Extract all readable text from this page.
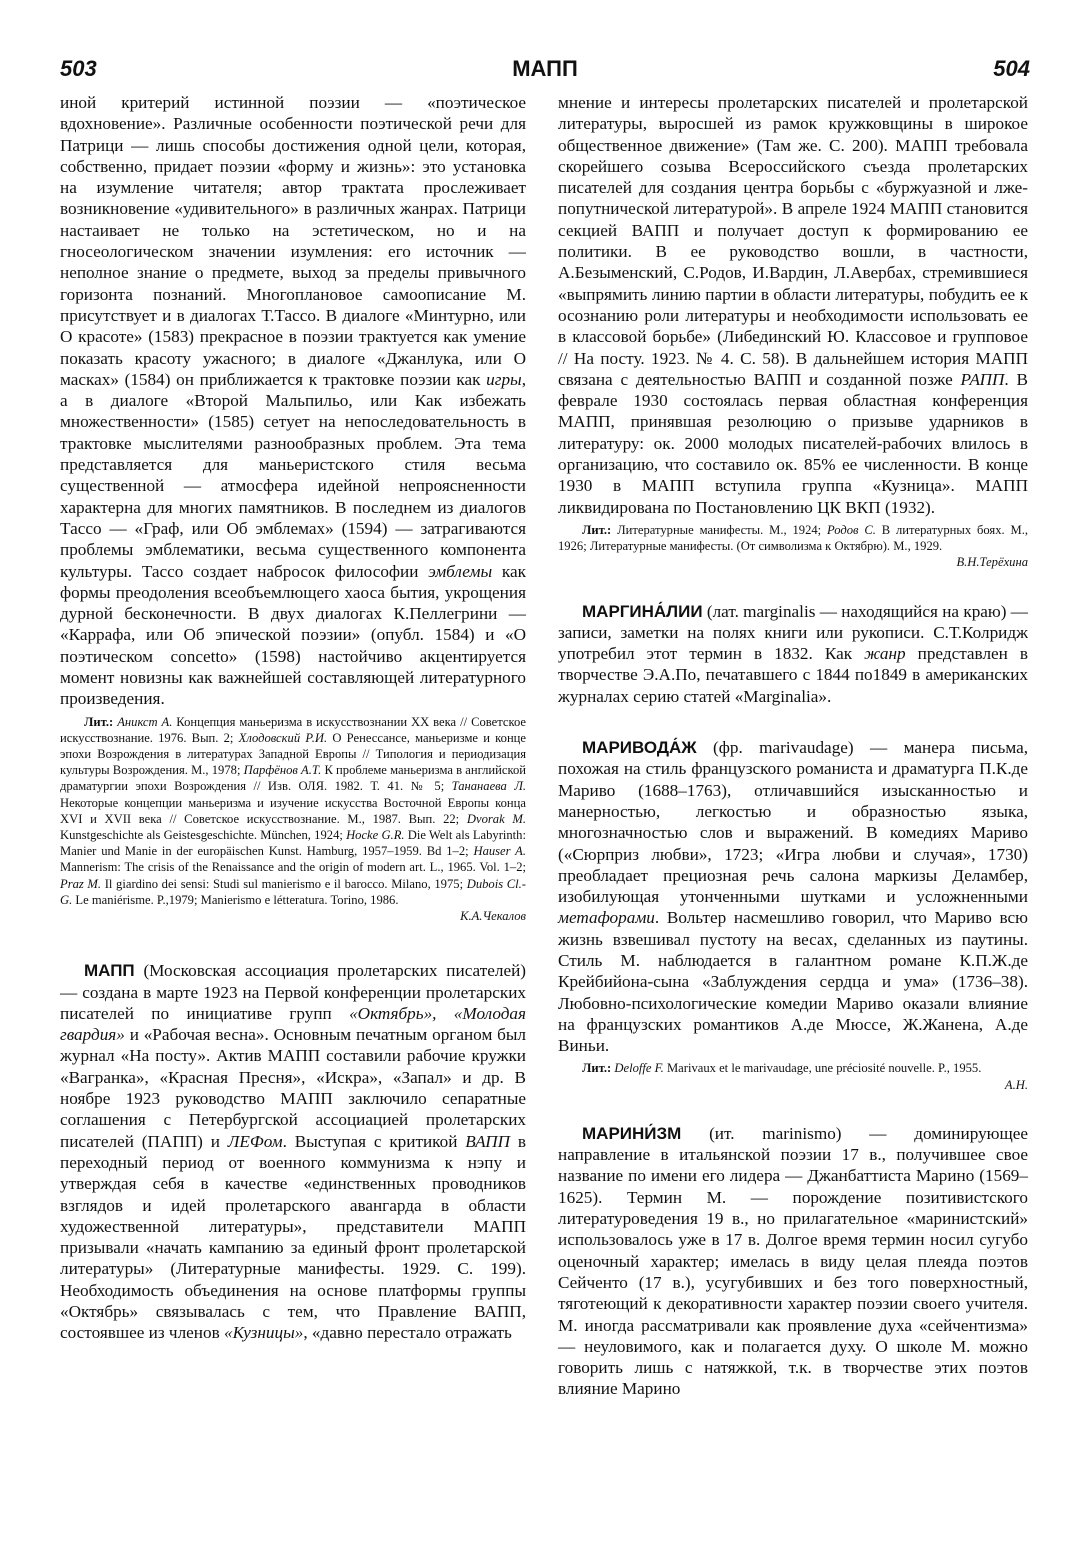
503	МАПП	504

иной критерий истинной поэзии — «поэтическое вдохновение». Различные особенности поэтической речи для Патрици — лишь способы достижения одной цели, которая, собственно, придает поэзии «форму и жизнь»: это установка на изумление читателя; автор трактата прослеживает возникновение «удивительного» в различных жанрах. Патрици настаивает не только на эстетическом, но и на гносеологическом значении изумления: его источник — неполное знание о предмете, выход за пределы привычного горизонта познаний. Многоплановое самоописание М. присутствует и в диалогах Т.Тассо. В диалоге «Минтурно, или О красоте» (1583) прекрасное в поэзии трактуется как умение показать красоту ужасного; в диалоге «Джанлука, или О масках» (1584) он приближается к трактовке поэзии как игры, а в диалоге «Второй Мальпильо, или Как избежать множественности» (1585) сетует на непоследовательность в трактовке мыслителями разнообразных проблем. Эта тема представляется для маньеристского стиля весьма существенной — атмосфера идейной непроясненности характерна для многих памятников. В последнем из диалогов Тассо — «Граф, или Об эмблемах» (1594) — затрагиваются проблемы эмблематики, весьма существенного компонента культуры. Тассо создает набросок философии эмблемы как формы преодоления всеобъемлющего хаоса бытия, укрощения дурной бесконечности. В двух диалогах К.Пеллегрини — «Каррафа, или Об эпической поэзии» (опубл. 1584) и «О поэтическом concetto» (1598) настойчиво акцентируется момент новизны как важнейшей составляющей литературного произведения.

Лит.: Аникст А. Концепция маньеризма в искусствознании XX века // Советское искусствознание. 1976. Вып. 2; Хлодовский Р.И. О Ренессансе, маньеризме и конце эпохи Возрождения в литературах Западной Европы // Типология и периодизация культуры Возрождения. М., 1978; Парфёнов А.Т. К проблеме маньеризма в английской драматургии эпохи Возрождения // Изв. ОЛЯ. 1982. Т. 41. № 5; Тананаева Л. Некоторые концепции маньеризма и изучение искусства Восточной Европы конца XVI и XVII века // Советское искусствознание. М., 1987. Вып. 22; Dvorak M. Kunstgeschichte als Geistesgeschichte. München, 1924; Hocke G.R. Die Welt als Labyrinth: Manier und Manie in der europäischen Kunst. Hamburg, 1957–1959. Bd 1–2; Hauser A. Mannerism: The crisis of the Renaissance and the origin of modern art. L., 1965. Vol. 1–2; Praz M. Il giardino dei sensi: Studi sul manierismo e il barocco. Milano, 1975; Dubois Cl.-G. Le maniérisme. P.,1979; Manierismo e létteratura. Torino, 1986.
К.А.Чекалов

МАПП (Московская ассоциация пролетарских писателей) — создана в марте 1923 на Первой конференции пролетарских писателей по инициативе групп «Октябрь», «Молодая гвардия» и «Рабочая весна». Основным печатным органом был журнал «На посту». Актив МАПП составили рабочие кружки «Вагранка», «Красная Пресня», «Искра», «Запал» и др. В ноябре 1923 руководство МАПП заключило сепаратные соглашения с Петербургской ассоциацией пролетарских писателей (ПАПП) и ЛЕФом. Выступая с критикой ВАПП в переходный период от военного коммунизма к нэпу и утверждая себя в качестве «единственных проводников взглядов и идей пролетарского авангарда в области художественной литературы», представители МАПП призывали «начать кампанию за единый фронт пролетарской литературы» (Литературные манифесты. 1929. С. 199). Необходимость объединения на основе платформы группы «Октябрь» связывалась с тем, что Правление ВАПП, состоявшее из членов «Кузницы», «давно перестало отражать

мнение и интересы пролетарских писателей и пролетарской литературы, выросшей из рамок кружковщины в широкое общественное движение» (Там же. С. 200). МАПП требовала скорейшего созыва Всероссийского съезда пролетарских писателей для создания центра борьбы с «буржуазной и лже-попутнической литературой». В апреле 1924 МАПП становится секцией ВАПП и получает доступ к формированию ее политики. В ее руководство вошли, в частности, А.Безыменский, С.Родов, И.Вардин, Л.Авербах, стремившиеся «выпрямить линию партии в области литературы, побудить ее к осознанию роли литературы и необходимости использовать ее в классовой борьбе» (Либединский Ю. Классовое и групповое // На посту. 1923. № 4. С. 58). В дальнейшем история МАПП связана с деятельностью ВАПП и созданной позже РАПП. В феврале 1930 состоялась первая областная конференция МАПП, принявшая резолюцию о призыве ударников в литературу: ок. 2000 молодых писателей-рабочих влилось в организацию, что составило ок. 85% ее численности. В конце 1930 в МАПП вступила группа «Кузница». МАПП ликвидирована по Постановлению ЦК ВКП (1932).

Лит.: Литературные манифесты. М., 1924; Родов С. В литературных боях. М., 1926; Литературные манифесты. (От символизма к Октябрю). М., 1929.
В.Н.Терёхина

МАРГИНА́ЛИИ (лат. marginalis — находящийся на краю) — записи, заметки на полях книги или рукописи. С.Т.Колридж употребил этот термин в 1832. Как жанр представлен в творчестве Э.А.По, печатавшего с 1844 по1849 в американских журналах серию статей «Marginalia».

МАРИВОДА́Ж (фр. marivaudage) — манера письма, похожая на стиль французского романиста и драматурга П.К.де Мариво (1688–1763), отличавшийся изысканностью и манерностью, легкостью и образностью языка, многозначностью слов и выражений. В комедиях Мариво («Сюрприз любви», 1723; «Игра любви и случая», 1730) преобладает прециозная речь салона маркизы Деламбер, изобилующая утонченными шутками и усложненными метафорами. Вольтер насмешливо говорил, что Мариво всю жизнь взвешивал пустоту на весах, сделанных из паутины. Стиль М. наблюдается в галантном романе К.П.Ж.де Крейбийона-сына «Заблуждения сердца и ума» (1736–38). Любовно-психологические комедии Мариво оказали влияние на французских романтиков А.де Мюссе, Ж.Жанена, А.де Виньи.

Лит.: Deloffe F. Marivaux et le marivaudage, une préciosité nouvelle. P., 1955.
А.Н.

МАРИНИ́ЗМ (ит. marinismo) — доминирующее направление в итальянской поэзии 17 в., получившее свое название по имени его лидера — Джанбаттиста Марино (1569–1625). Термин М. — порождение позитивистского литературоведения 19 в., но прилагательное «маринистский» использовалось уже в 17 в. Долгое время термин носил сугубо оценочный характер; имелась в виду целая плеяда поэтов Сейченто (17 в.), усугубивших и без того поверхностный, тяготеющий к декоративности характер поэзии своего учителя. М. иногда рассматривали как проявление духа «сейчентизма» — неуловимого, как и полагается духу. О школе М. можно говорить лишь с натяжкой, т.к. в творчестве этих поэтов влияние Марино
